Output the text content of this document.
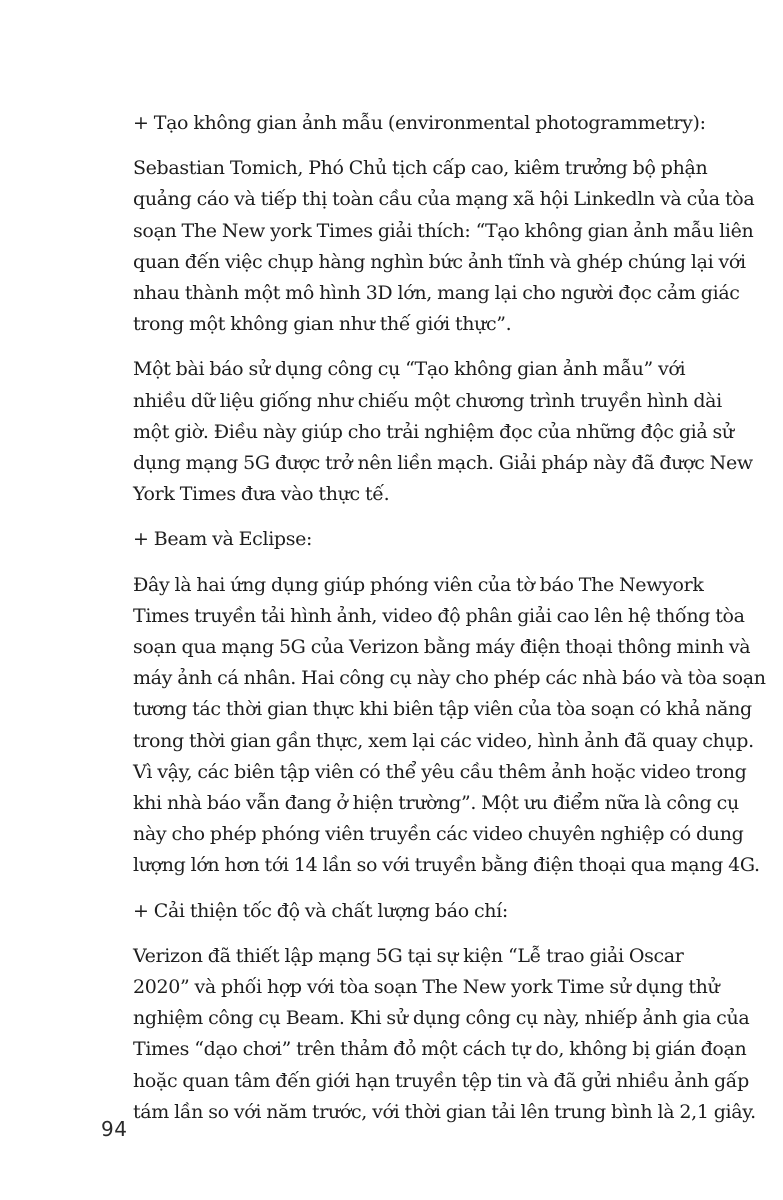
+ Tạo không gian ảnh mẫu (environmental photogrammetry):
Sebastian Tomich, Phó Chủ tịch cấp cao, kiêm trưởng bộ phận
quảng cáo và tiếp thị toàn cầu của mạng xã hội Linkedln và của tòa
soạn The New york Times giải thích: “Tạo không gian ảnh mẫu liên
quan đến việc chụp hàng nghìn bức ảnh tĩnh và ghép chúng lại với
nhau thành một mô hình 3D lớn, mang lại cho người đọc cảm giác
trong một không gian như thế giới thực”.
Một bài báo sử dụng công cụ “Tạo không gian ảnh mẫu” với
nhiều dữ liệu giống như chiếu một chương trình truyền hình dài
một giờ. Điều này giúp cho trải nghiệm đọc của những độc giả sử
dụng mạng 5G được trở nên liền mạch. Giải pháp này đã được New
York Times đưa vào thực tế.
+ Beam và Eclipse:
Đây là hai ứng dụng giúp phóng viên của tờ báo The Newyork
Times truyền tải hình ảnh, video độ phân giải cao lên hệ thống tòa
soạn qua mạng 5G của Verizon bằng máy điện thoại thông minh và
máy ảnh cá nhân. Hai công cụ này cho phép các nhà báo và tòa soạn
tương tác thời gian thực khi biên tập viên của tòa soạn có khả năng
trong thời gian gần thực, xem lại các video, hình ảnh đã quay chụp.
Vì vậy, các biên tập viên có thể yêu cầu thêm ảnh hoặc video trong
khi nhà báo vẫn đang ở hiện trường”. Một ưu điểm nữa là công cụ
này cho phép phóng viên truyền các video chuyên nghiệp có dung
lượng lớn hơn tới 14 lần so với truyền bằng điện thoại qua mạng 4G.
+ Cải thiện tốc độ và chất lượng báo chí:
Verizon đã thiết lập mạng 5G tại sự kiện “Lễ trao giải Oscar
2020” và phối hợp với tòa soạn The New york Time sử dụng thử
nghiệm công cụ Beam. Khi sử dụng công cụ này, nhiếp ảnh gia của
Times “dạo chơi” trên thảm đỏ một cách tự do, không bị gián đoạn
hoặc quan tâm đến giới hạn truyền tệp tin và đã gửi nhiều ảnh gấp
tám lần so với năm trước, với thời gian tải lên trung bình là 2,1 giây.
94
